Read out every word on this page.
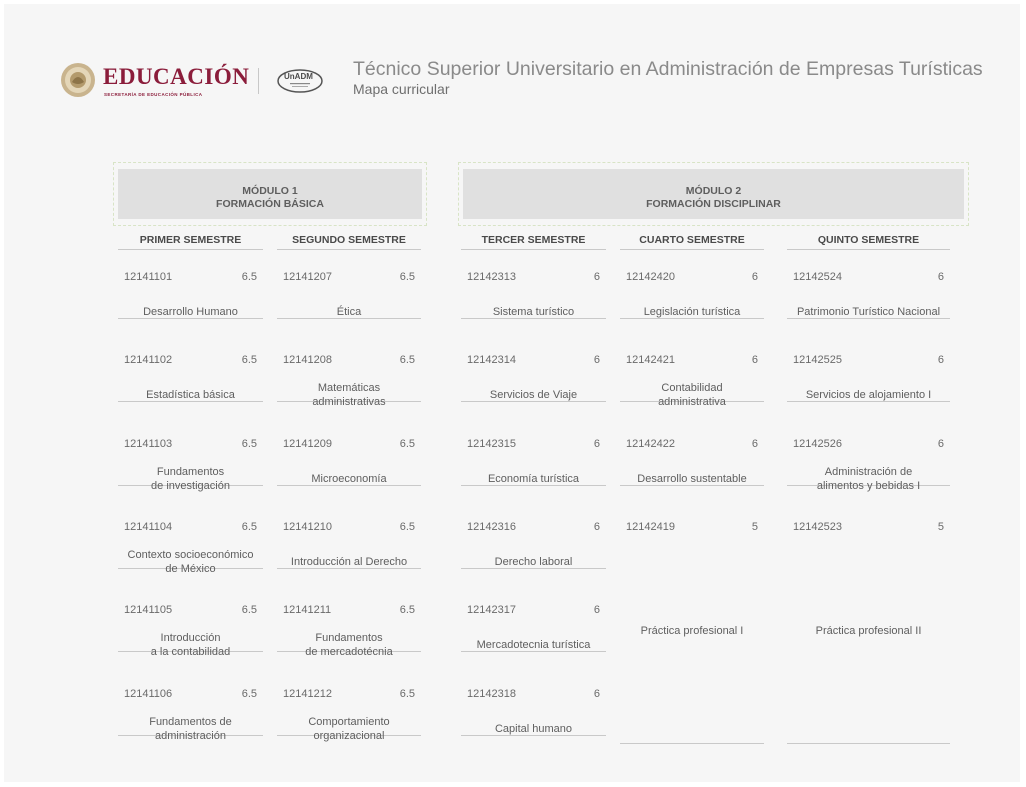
EDUCACIÓN
SECRETARÍA DE EDUCACIÓN PÚBLICA
UnADM Técnico Superior Universitario en Administración de Empresas Turísticas
Mapa curricular
MÓDULO 1
FORMACIÓN BÁSICA
MÓDULO 2
FORMACIÓN DISCIPLINAR
PRIMER SEMESTRE
12141101	6.5
Desarrollo Humano
12141102	6.5
Estadística básica
12141103	6.5
Fundamentos
de investigación
12141104	6.5
Contexto socioeconómico
de México
12141105	6.5
Introducción
a la contabilidad
12141106	6.5
Fundamentos de
administración
SEGUNDO SEMESTRE
12141207	6.5
Ética
12141208	6.5
Matemáticas
administrativas
12141209	6.5
Microeconomía
12141210	6.5
Introducción al Derecho
12141211	6.5
Fundamentos
de mercadotécnia
12141212	6.5
Comportamiento
organizacional
TERCER SEMESTRE
12142313	6
Sistema turístico
12142314	6
Servicios de Viaje
12142315	6
Economía turística
12142316	6
Derecho laboral
12142317	6
Mercadotecnia turística
12142318	6
Capital humano
CUARTO SEMESTRE
12142420	6
Legislación turística
12142421	6
Contabilidad
administrativa
12142422	6
Desarrollo sustentable
12142419	5
Práctica profesional I
QUINTO SEMESTRE
12142524	6
Patrimonio Turístico Nacional
12142525	6
Servicios de alojamiento I
12142526	6
Administración de
alimentos y bebidas I
12142523	5
Práctica profesional II
